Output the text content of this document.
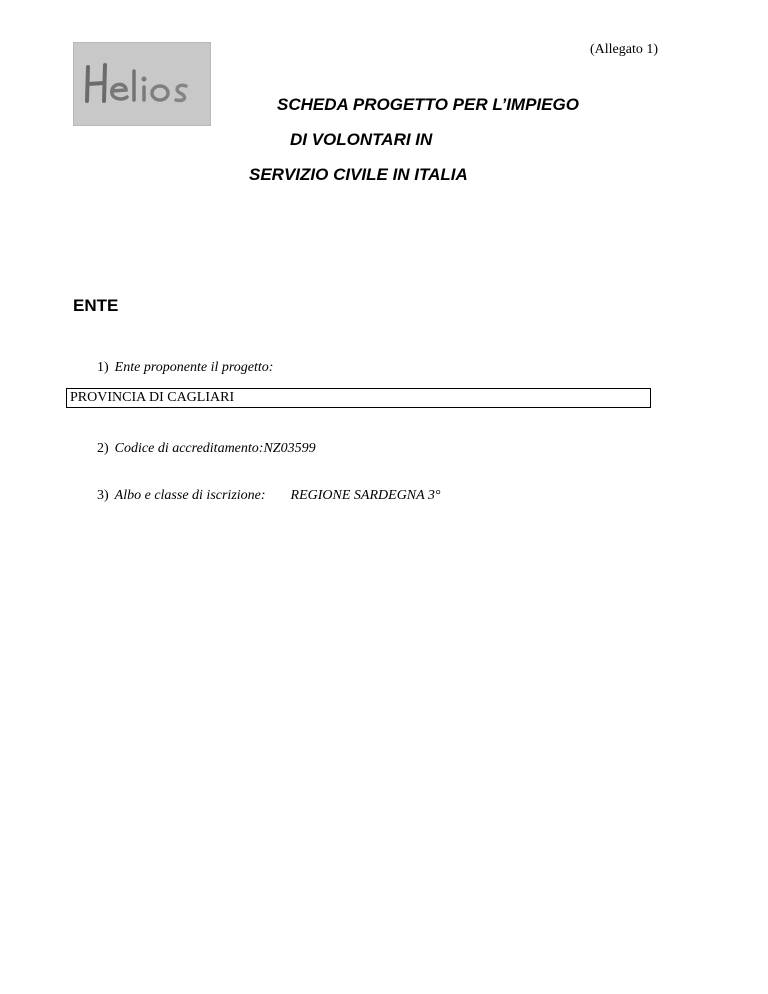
(Allegato 1)
SCHEDA PROGETTO PER L’IMPIEGO
DI VOLONTARI IN
SERVIZIO CIVILE IN ITALIA
ENTE
1) Ente proponente il progetto:
PROVINCIA DI CAGLIARI
2) Codice di accreditamento:NZ03599
3) Albo e classe di iscrizione: REGIONE SARDEGNA 3°
